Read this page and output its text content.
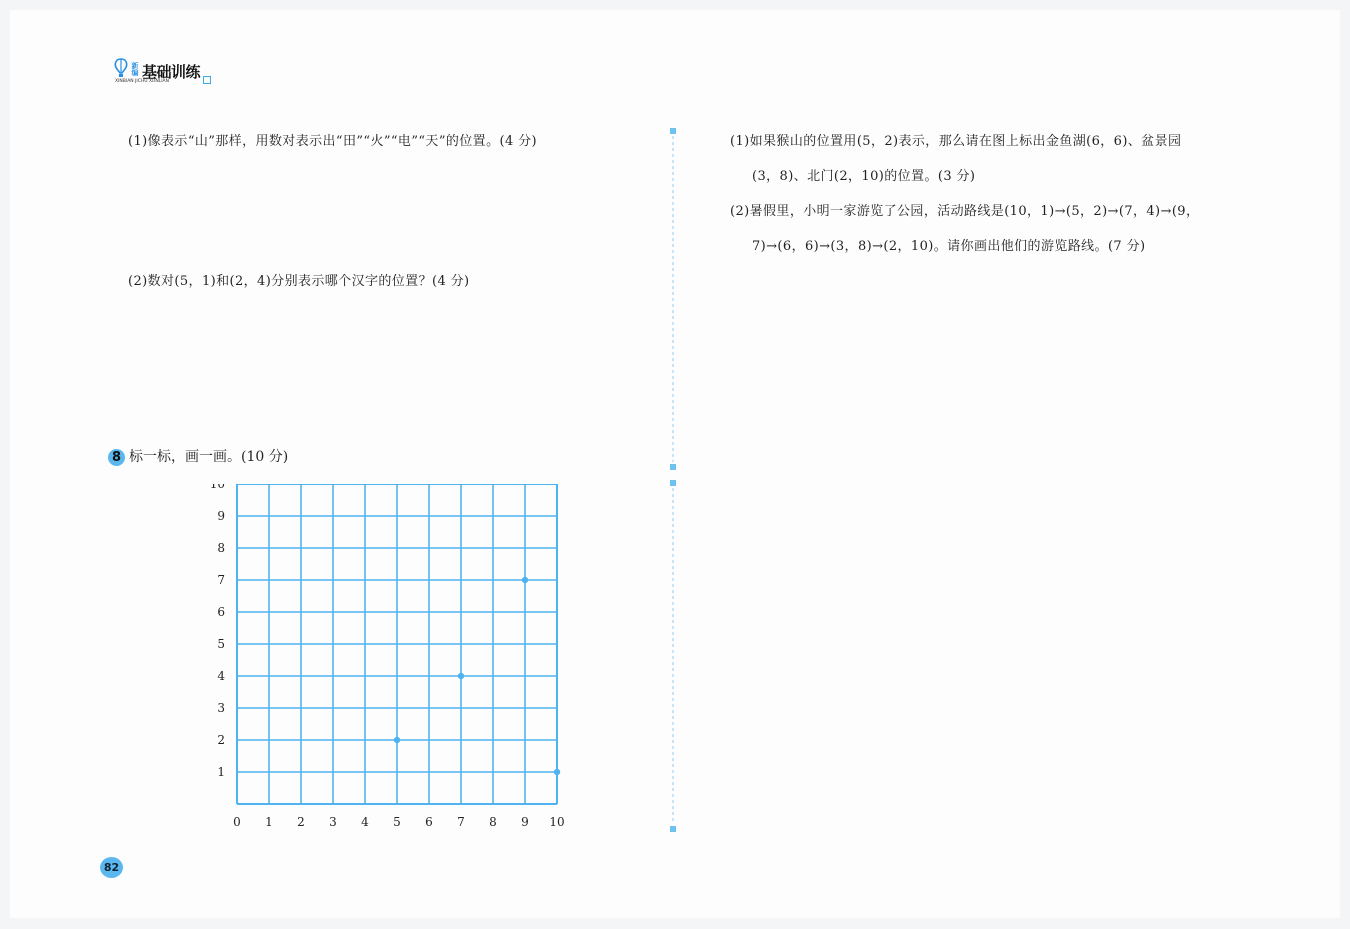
新编 基础训练
XINBIAN JICHU XUNLIAN
(1)像表示“山”那样，用数对表示出“田”“火”“电”“天”的位置。(4 分)
(2)数对(5，1)和(2，4)分别表示哪个汉字的位置？(4 分)
8 标一标，画一画。(10 分)
(1)如果猴山的位置用(5，2)表示，那么请在图上标出金鱼湖(6，6)、盆景园
(3，8)、北门(2，10)的位置。(3 分)
(2)暑假里，小明一家游览了公园，活动路线是(10，1)→(5，2)→(7，4)→(9，
7)→(6，6)→(3，8)→(2，10)。请你画出他们的游览路线。(7 分)
0 1 2 3 4 5 6 7 8 9 10
1
2
3
4
5
6
7
8
9
10
82
